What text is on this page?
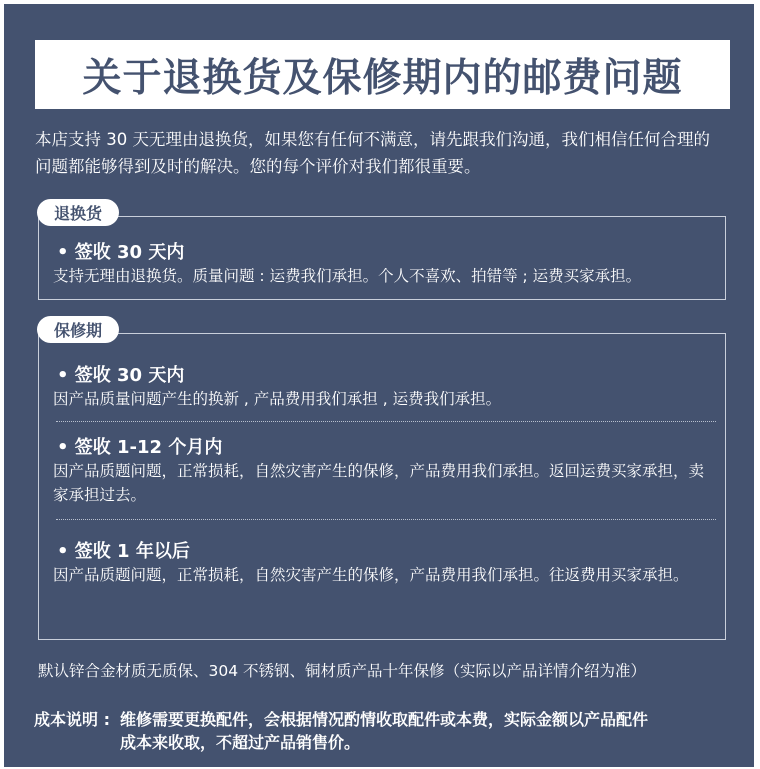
关于退换货及保修期内的邮费问题

本店支持 30 天无理由退换货，如果您有任何不满意，请先跟我们沟通，我们相信任何合理的问题都能够得到及时的解决。您的每个评价对我们都很重要。

退换货
• 签收 30 天内

支持无理由退换货。质量问题 : 运费我们承担。个人不喜欢、拍错等 ; 运费买家承担。

保修期
• 签收 30 天内

因产品质量问题产生的换新 , 产品费用我们承担 , 运费我们承担。

• 签收 1-12 个月内

因产品质题问题，正常损耗，自然灾害产生的保修，产品费用我们承担。返回运费买家承担，卖家承担过去。

• 签收 1 年以后

因产品质题问题，正常损耗，自然灾害产生的保修，产品费用我们承担。往返费用买家承担。

默认锌合金材质无质保、304 不锈钢、铜材质产品十年保修（实际以产品详情介绍为准）
成本说明 : 维修需要更换配件，会根据情况酌情收取配件或本费，实际金额以产品配件
成本来收取，不超过产品销售价。
